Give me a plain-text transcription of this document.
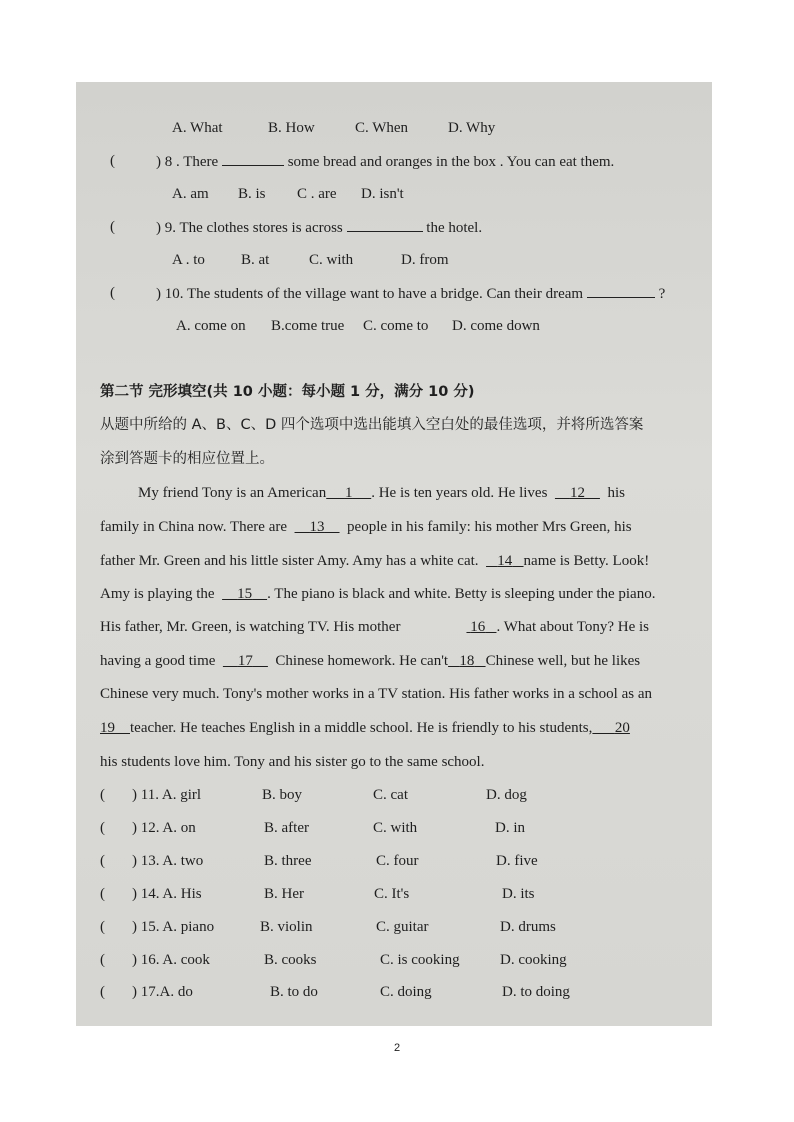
A. What	B. How	C. When	D. Why
(	) 8 . There	some bread and oranges in the box . You can eat them.
A. am B. is C . are D. isn't
(	) 9. The clothes stores is across	the hotel.
A . to B. at	C. with	D. from
(	) 10. The students of the village want to have a bridge. Can their dream	?
A. come on B.come true C. come to D. come down
第二节 完形填空(共 10 小题：每小题 1 分，满分 10 分)
从题中所给的 A、B、C、D 四个选项中选出能填入空白处的最佳选项，并将所选答案
涂到答题卡的相应位置上。
My friend Tony is an American 1 . He is ten years old. He lives 12 his
family in China now. There are 13 people in his family: his mother Mrs Green, his
father Mr. Green and his little sister Amy. Amy has a white cat. 14 name is Betty. Look!
Amy is playing the 15 . The piano is black and white. Betty is sleeping under the piano.
His father, Mr. Green, is watching TV. His mother	16 . What about Tony? He is
having a good time 17 Chinese homework. He can't 18 Chinese well, but he likes
Chinese very much. Tony's mother works in a TV station. His father works in a school as an
19 teacher. He teaches English in a middle school. He is friendly to his students, 20
his students love him. Tony and his sister go to the same school.
( ) 11. A. girl	B. boy	C. cat	D. dog
( ) 12. A. on	B. after	C. with	D. in
( ) 13. A. two	B. three	C. four	D. five
( ) 14. A. His	B. Her	C. It's	D. its
( ) 15. A. piano	B. violin	C. guitar	D. drums
( ) 16. A. cook	B. cooks	C. is cooking	D. cooking
( ) 17.A. do	B. to do	C. doing	D. to doing
2
